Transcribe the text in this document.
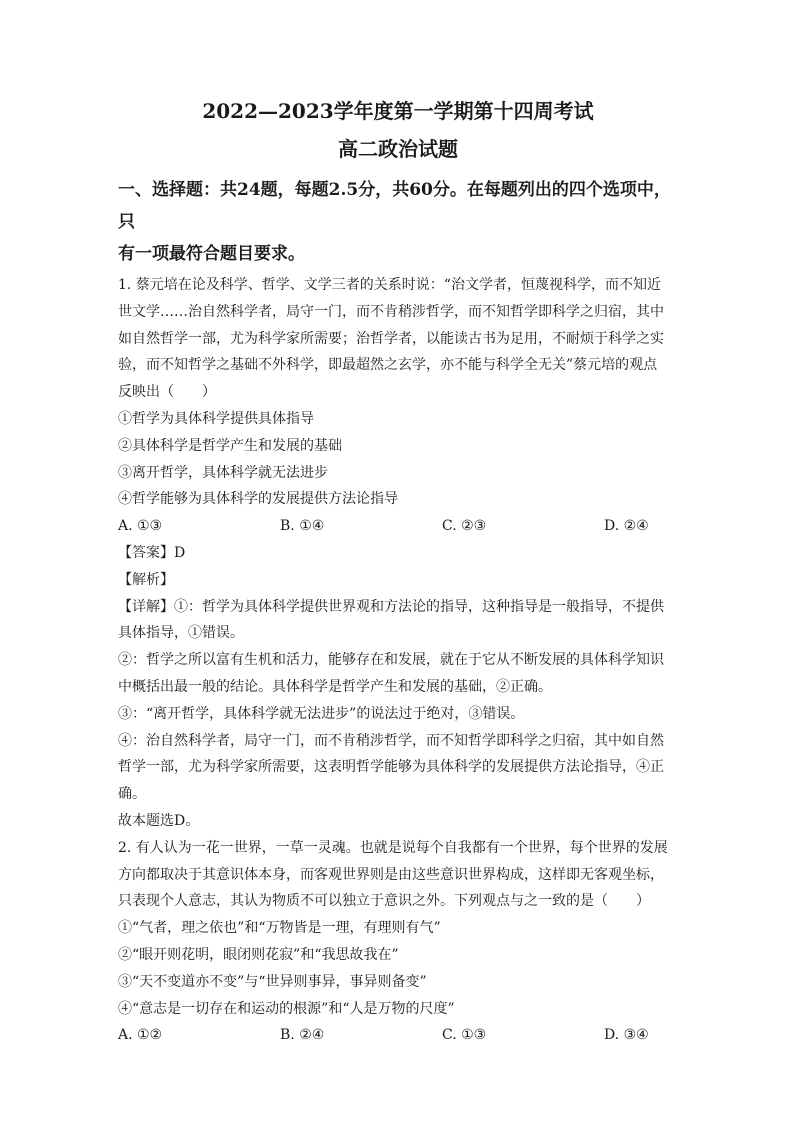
2022—2023学年度第一学期第十四周考试
高二政治试题
一、选择题：共24题，每题2.5分，共60分。在每题列出的四个选项中，只
有一项最符合题目要求。
1. 蔡元培在论及科学、哲学、文学三者的关系时说：“治文学者，恒蔑视科学，而不知近
世文学……治自然科学者，局守一门，而不肯稍涉哲学，而不知哲学即科学之归宿，其中
如自然哲学一部，尤为科学家所需要；治哲学者，以能读古书为足用，不耐烦于科学之实
验，而不知哲学之基础不外科学，即最超然之玄学，亦不能与科学全无关”蔡元培的观点
反映出（　　）
①哲学为具体科学提供具体指导
②具体科学是哲学产生和发展的基础
③离开哲学，具体科学就无法进步
④哲学能够为具体科学的发展提供方法论指导
A. ①③	B. ①④	C. ②③	D. ②④
【答案】D
【解析】
【详解】①：哲学为具体科学提供世界观和方法论的指导，这种指导是一般指导，不提供
具体指导，①错误。
②：哲学之所以富有生机和活力，能够存在和发展，就在于它从不断发展的具体科学知识
中概括出最一般的结论。具体科学是哲学产生和发展的基础，②正确。
③：“离开哲学，具体科学就无法进步”的说法过于绝对，③错误。
④：治自然科学者，局守一门，而不肯稍涉哲学，而不知哲学即科学之归宿，其中如自然
哲学一部，尤为科学家所需要，这表明哲学能够为具体科学的发展提供方法论指导，④正
确。
故本题选D。
2. 有人认为一花一世界，一草一灵魂。也就是说每个自我都有一个世界，每个世界的发展
方向都取决于其意识体本身，而客观世界则是由这些意识世界构成，这样即无客观坐标，
只表现个人意志，其认为物质不可以独立于意识之外。下列观点与之一致的是（　　）
①“气者，理之依也”和“万物皆是一理，有理则有气”
②“眼开则花明，眼闭则花寂”和“我思故我在”
③“天不变道亦不变”与“世异则事异，事异则备变”
④“意志是一切存在和运动的根源”和“人是万物的尺度”
A. ①②	B. ②④	C. ①③	D. ③④
